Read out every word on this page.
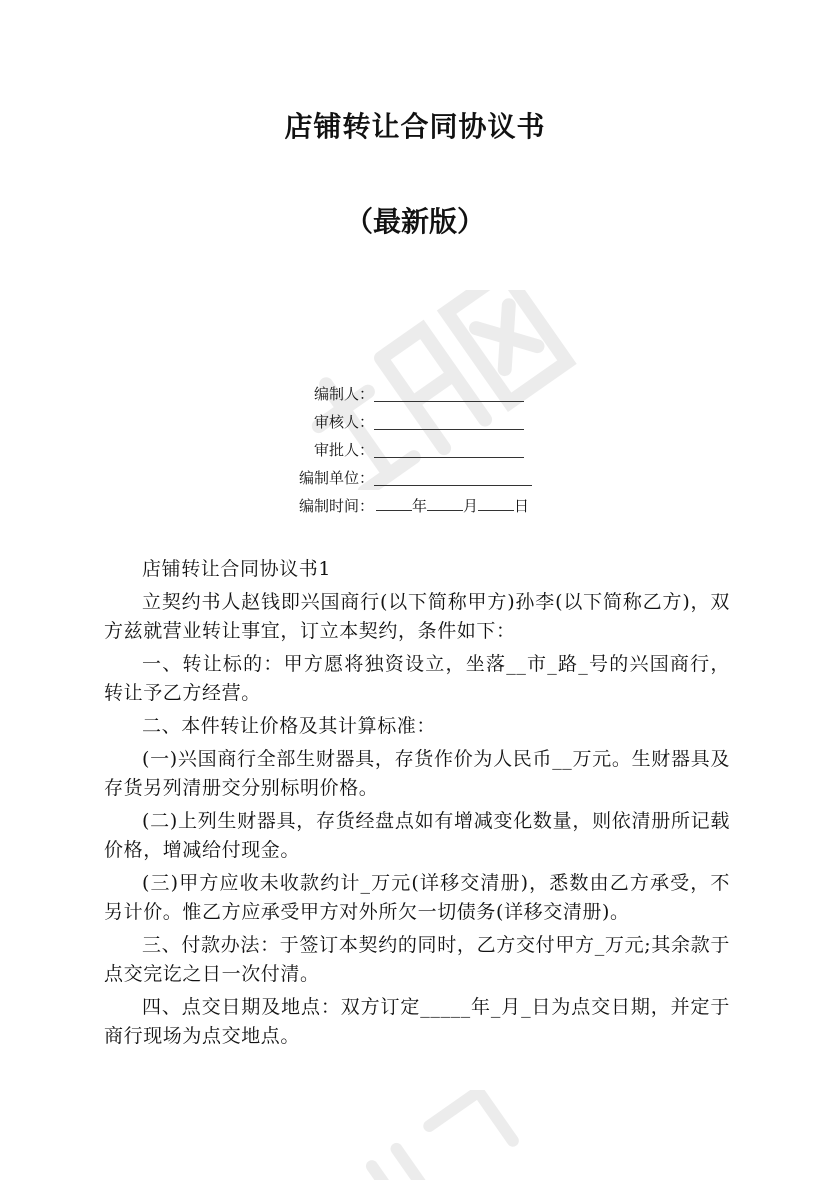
店铺转让合同协议书
（最新版）
编制人：
审核人：
审批人：
编制单位：
编制时间：	年 月 日

店铺转让合同协议书1

立契约书人赵钱即兴国商行(以下简称甲方)孙李(以下简称乙方)，双方兹就营业转让事宜，订立本契约，条件如下：

一、转让标的：甲方愿将独资设立，坐落__市_路_号的兴国商行，转让予乙方经营。

二、本件转让价格及其计算标准：

(一)兴国商行全部生财器具，存货作价为人民币__万元。生财器具及存货另列清册交分别标明价格。

(二)上列生财器具，存货经盘点如有增减变化数量，则依清册所记载价格，增减给付现金。

(三)甲方应收未收款约计_万元(详移交清册)，悉数由乙方承受，不另计价。惟乙方应承受甲方对外所欠一切债务(详移交清册)。

三、付款办法：于签订本契约的同时，乙方交付甲方_万元;其余款于点交完讫之日一次付清。

四、点交日期及地点：双方订定_____年_月_日为点交日期，并定于商行现场为点交地点。
